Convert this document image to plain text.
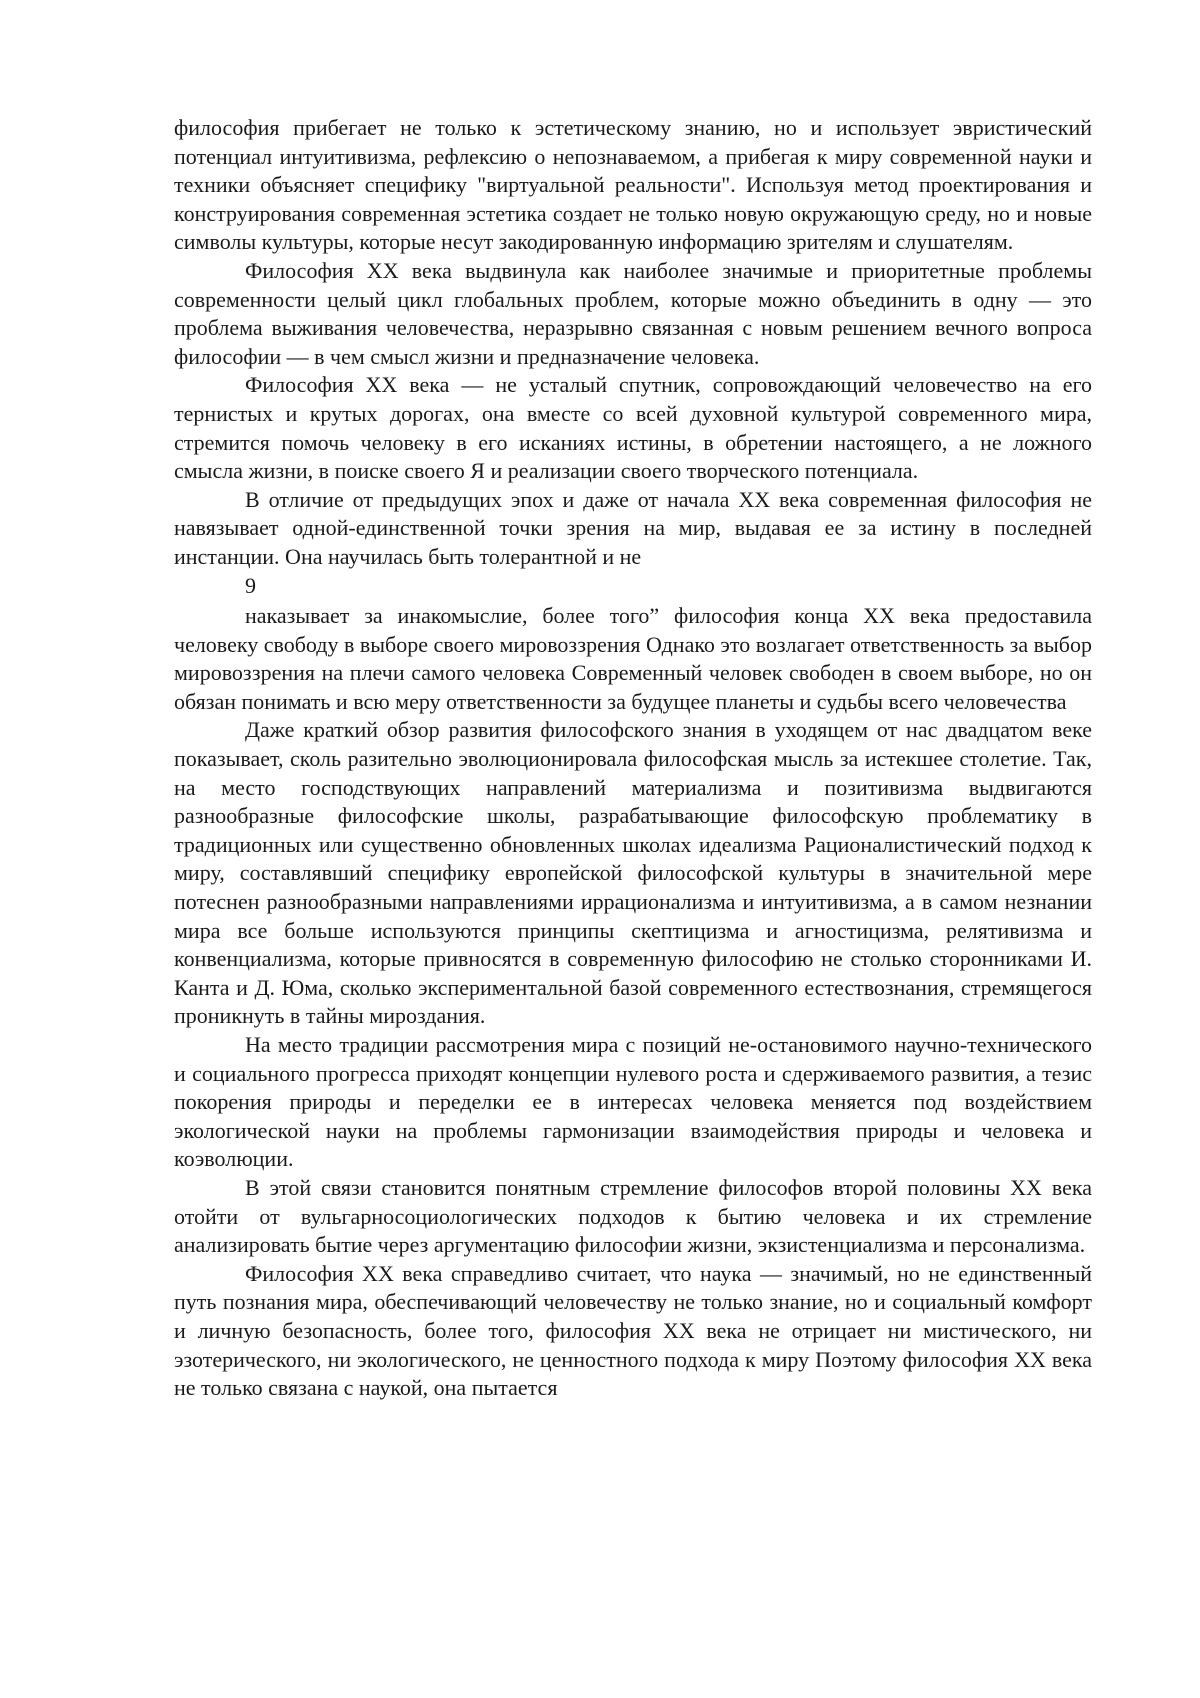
философия прибегает не только к эстетическому знанию, но и использует эвристический потенциал интуитивизма, рефлексию о непознаваемом, а прибегая к миру современной науки и техники объясняет специфику "виртуальной реальности". Используя метод проектирования и конструирования современная эстетика создает не только новую окружающую среду, но и новые символы культуры, которые несут закодированную информацию зрителям и слушателям.

Философия XX века выдвинула как наиболее значимые и приоритетные проблемы современности целый цикл глобальных проблем, которые можно объединить в одну — это проблема выживания человечества, неразрывно связанная с новым решением вечного вопроса философии — в чем смысл жизни и предназначение человека.

Философия XX века — не усталый спутник, сопровождающий человечество на его тернистых и крутых дорогах, она вместе со всей духовной культурой современного мира, стремится помочь человеку в его исканиях истины, в обретении настоящего, а не ложного смысла жизни, в поиске своего Я и реализации своего творческого потенциала.

В отличие от предыдущих эпох и даже от начала XX века современная философия не навязывает одной-единственной точки зрения на мир, выдавая ее за истину в последней инстанции. Она научилась быть толерантной и не

9

наказывает за инакомыслие, более того” философия конца XX века предоставила человеку свободу в выборе своего мировоззрения Однако это возлагает ответственность за выбор мировоззрения на плечи самого человека Современный человек свободен в своем выборе, но он обязан понимать и всю меру ответственности за будущее планеты и судьбы всего человечества

Даже краткий обзор развития философского знания в уходящем от нас двадцатом веке показывает, сколь разительно эволюционировала философская мысль за истекшее столетие. Так, на место господствующих направлений материализма и позитивизма выдвигаются разнообразные философские школы, разрабатывающие философскую проблематику в традиционных или существенно обновленных школах идеализма Рационалистический подход к миру, составлявший специфику европейской философской культуры в значительной мере потеснен разнообразными направлениями иррационализма и интуитивизма, а в самом незнании мира все больше используются принципы скептицизма и агностицизма, релятивизма и конвенциализма, которые привносятся в современную философию не столько сторонниками И. Канта и Д. Юма, сколько экспериментальной базой современного естествознания, стремящегося проникнуть в тайны мироздания.

На место традиции рассмотрения мира с позиций не-остановимого научно-технического и социального прогресса приходят концепции нулевого роста и сдерживаемого развития, а тезис покорения природы и переделки ее в интересах человека меняется под воздействием экологической науки на проблемы гармонизации взаимодействия природы и человека и коэволюции.

В этой связи становится понятным стремление философов второй половины XX века отойти от вульгарносоциологических подходов к бытию человека и их стремление анализировать бытие через аргументацию философии жизни, экзистенциализма и персонализма.

Философия XX века справедливо считает, что наука — значимый, но не единственный путь познания мира, обеспечивающий человечеству не только знание, но и социальный комфорт и личную безопасность, более того, философия XX века не отрицает ни мистического, ни эзотерического, ни экологического, не ценностного подхода к миру Поэтому философия XX века не только связана с наукой, она пытается
